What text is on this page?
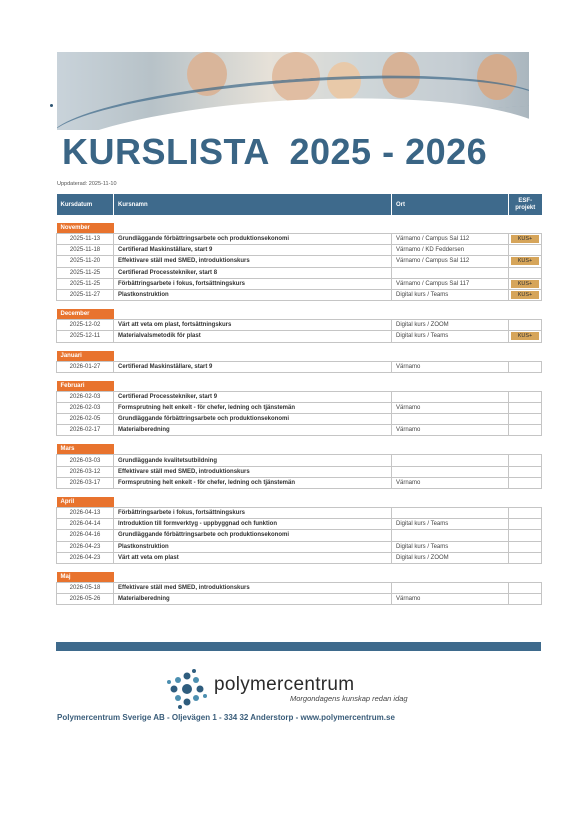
KURSLISTA  2025 - 2026
Uppdaterad: 2025-11-10
Kursdatum	Kursnamn	Ort	ESF-projekt

November			
2025-11-13	Grundläggande förbättringsarbete och produktionsekonomi	Värnamo / Campus Sal 112	KUS+

2025-11-18	Certifierad Maskinställare, start 9	Värnamo / KD Feddersen	
2025-11-20	Effektivare ställ med SMED, introduktionskurs	Värnamo / Campus Sal 112	KUS+

2025-11-25	Certifierad Processtekniker, start 8		
2025-11-25	Förbättringsarbete i fokus, fortsättningskurs	Värnamo / Campus Sal 117	KUS+

2025-11-27	Plastkonstruktion	Digital kurs / Teams	KUS+

December			
2025-12-02	Värt att veta om plast, fortsättningskurs	Digital kurs / ZOOM	
2025-12-11	Materialvalsmetodik för plast	Digital kurs / Teams	KUS+

Januari			
2026-01-27	Certifierad Maskinställare, start 9	Värnamo	

Februari			
2026-02-03	Certifierad Processtekniker, start 9		
2026-02-03	Formsprutning helt enkelt - för chefer, ledning och tjänstemän	Värnamo	
2026-02-05	Grundläggande förbättringsarbete och produktionsekonomi		
2026-02-17	Materialberedning	Värnamo	

Mars			
2026-03-03	Grundläggande kvalitetsutbildning		
2026-03-12	Effektivare ställ med SMED, introduktionskurs		
2026-03-17	Formsprutning helt enkelt - för chefer, ledning och tjänstemän	Värnamo	

April			
2026-04-13	Förbättringsarbete i fokus, fortsättningskurs		
2026-04-14	Introduktion till formverktyg - uppbyggnad och funktion	Digital kurs / Teams	
2026-04-16	Grundläggande förbättringsarbete och produktionsekonomi		
2026-04-23	Plastkonstruktion	Digital kurs / Teams	
2026-04-23	Värt att veta om plast	Digital kurs / ZOOM	

Maj			
2026-05-18	Effektivare ställ med SMED, introduktionskurs		
2026-05-26	Materialberedning	Värnamo	
polymercentrum
Morgondagens kunskap redan idag
Polymercentrum Sverige AB - Oljevägen 1 - 334 32 Anderstorp - www.polymercentrum.se
